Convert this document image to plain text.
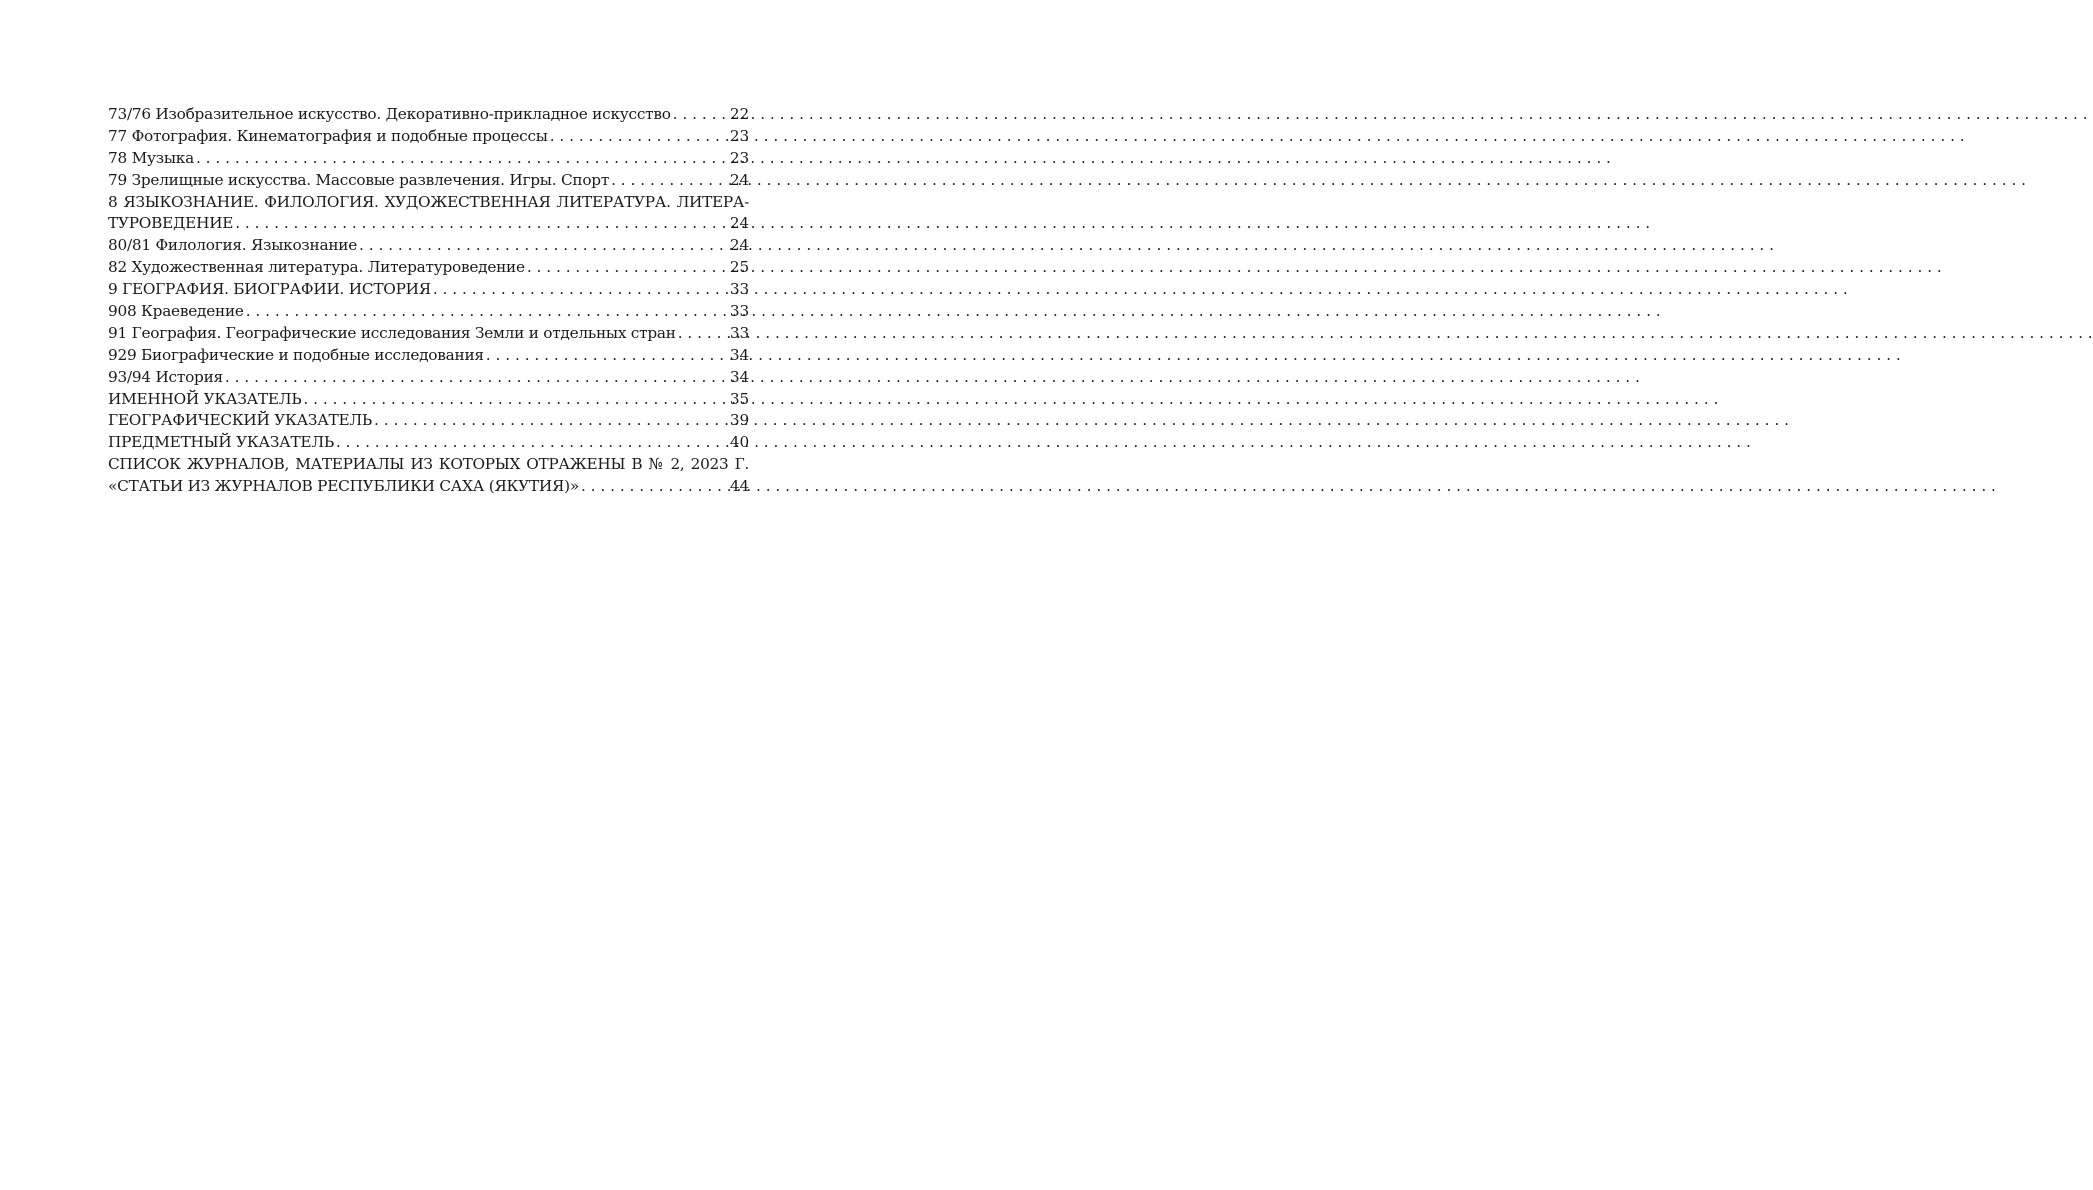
73/76 Изобразительное искусство. Декоративно-прикладное искусство . . .	22
77 Фотография. Кинематография и подобные процессы . . .	23
78 Музыка . . .	23
79 Зрелищные искусства. Массовые развлечения. Игры. Спорт . . .	24
8 ЯЗЫКОЗНАНИЕ. ФИЛОЛОГИЯ. ХУДОЖЕСТВЕННАЯ ЛИТЕРАТУРА. ЛИТЕРА-
ТУРОВЕДЕНИЕ . . .	24
80/81 Филология. Языкознание . . .	24
82 Художественная литература. Литературоведение . . .	25
9 ГЕОГРАФИЯ. БИОГРАФИИ. ИСТОРИЯ . . .	33
908 Краеведение . . .	33
91 География. Географические исследования Земли и отдельных стран . . .	33
929 Биографические и подобные исследования . . .	34
93/94 История . . .	34
ИМЕННОЙ УКАЗАТЕЛЬ . . .	35
ГЕОГРАФИЧЕСКИЙ УКАЗАТЕЛЬ . . .	39
ПРЕДМЕТНЫЙ УКАЗАТЕЛЬ . . .	40
СПИСОК ЖУРНАЛОВ, МАТЕРИАЛЫ ИЗ КОТОРЫХ ОТРАЖЕНЫ В № 2, 2023 Г.
«СТАТЬИ ИЗ ЖУРНАЛОВ РЕСПУБЛИКИ САХА (ЯКУТИЯ)» . . .	44
